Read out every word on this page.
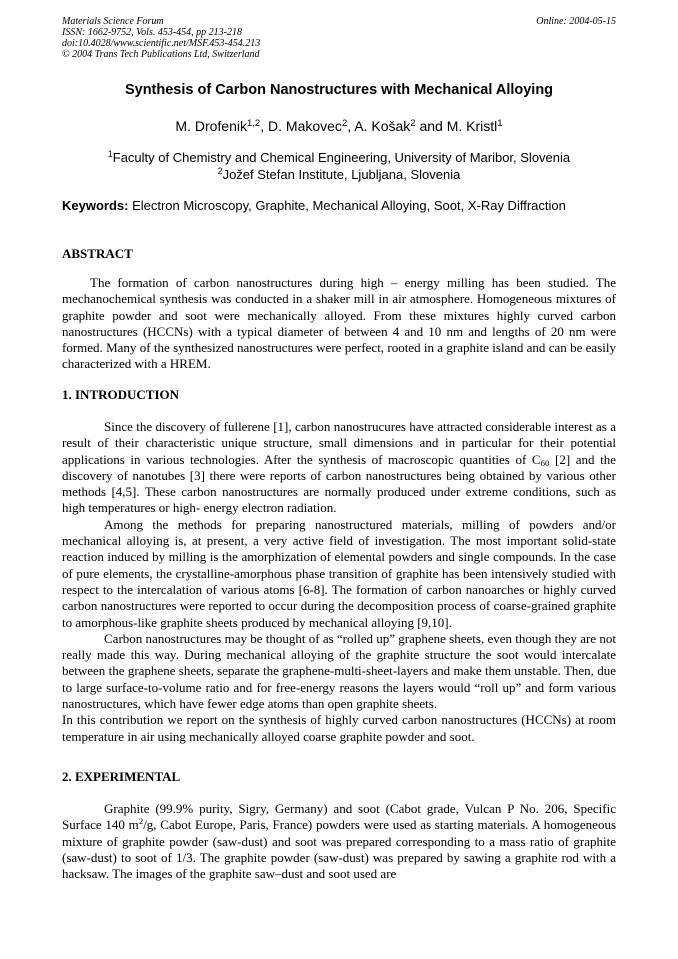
Materials Science Forum
ISSN: 1662-9752, Vols. 453-454, pp 213-218
doi:10.4028/www.scientific.net/MSF.453-454.213
© 2004 Trans Tech Publications Ltd, Switzerland
Online: 2004-05-15
Synthesis of Carbon Nanostructures with Mechanical Alloying
M. Drofenik$^{1,2}$, D. Makovec$^2$, A. Košak$^2$ and M. Kristl$^1$
$^1$Faculty of Chemistry and Chemical Engineering, University of Maribor, Slovenia
$^2$Jožef Stefan Institute, Ljubljana, Slovenia
Keywords: Electron Microscopy, Graphite, Mechanical Alloying, Soot, X-Ray Diffraction
ABSTRACT

The formation of carbon nanostructures during high – energy milling has been studied. The mechanochemical synthesis was conducted in a shaker mill in air atmosphere. Homogeneous mixtures of graphite powder and soot were mechanically alloyed. From these mixtures highly curved carbon nanostructures (HCCNs) with a typical diameter of between 4 and 10 nm and lengths of 20 nm were formed. Many of the synthesized nanostructures were perfect, rooted in a graphite island and can be easily characterized with a HREM.

1. INTRODUCTION

Since the discovery of fullerene [1], carbon nanostrucures have attracted considerable interest as a result of their characteristic unique structure, small dimensions and in particular for their potential applications in various technologies. After the synthesis of macroscopic quantities of $C_{60}$ [2] and the discovery of nanotubes [3] there were reports of carbon nanostructures being obtained by various other methods [4,5]. These carbon nanostructures are normally produced under extreme conditions, such as high temperatures or high- energy electron radiation.

Among the methods for preparing nanostructured materials, milling of powders and/or mechanical alloying is, at present, a very active field of investigation. The most important solid-state reaction induced by milling is the amorphization of elemental powders and single compounds. In the case of pure elements, the crystalline-amorphous phase transition of graphite has been intensively studied with respect to the intercalation of various atoms [6-8]. The formation of carbon nanoarches or highly curved carbon nanostructures were reported to occur during the decomposition process of coarse-grained graphite to amorphous-like graphite sheets produced by mechanical alloying [9,10].

Carbon nanostructures may be thought of as “rolled up” graphene sheets, even though they are not really made this way. During mechanical alloying of the graphite structure the soot would intercalate between the graphene sheets, separate the graphene-multi-sheet-layers and make them unstable. Then, due to large surface-to-volume ratio and for free-energy reasons the layers would “roll up” and form various nanostructures, which have fewer edge atoms than open graphite sheets.

In this contribution we report on the synthesis of highly curved carbon nanostructures (HCCNs) at room temperature in air using mechanically alloyed coarse graphite powder and soot.

2. EXPERIMENTAL

Graphite (99.9% purity, Sigry, Germany) and soot (Cabot grade, Vulcan P No. 206, Specific Surface 140 $m^2/g$, Cabot Europe, Paris, France) powders were used as starting materials. A homogeneous mixture of graphite powder (saw-dust) and soot was prepared corresponding to a mass ratio of graphite (saw-dust) to soot of 1/3. The graphite powder (saw-dust) was prepared by sawing a graphite rod with a hacksaw. The images of the graphite saw–dust and soot used are
